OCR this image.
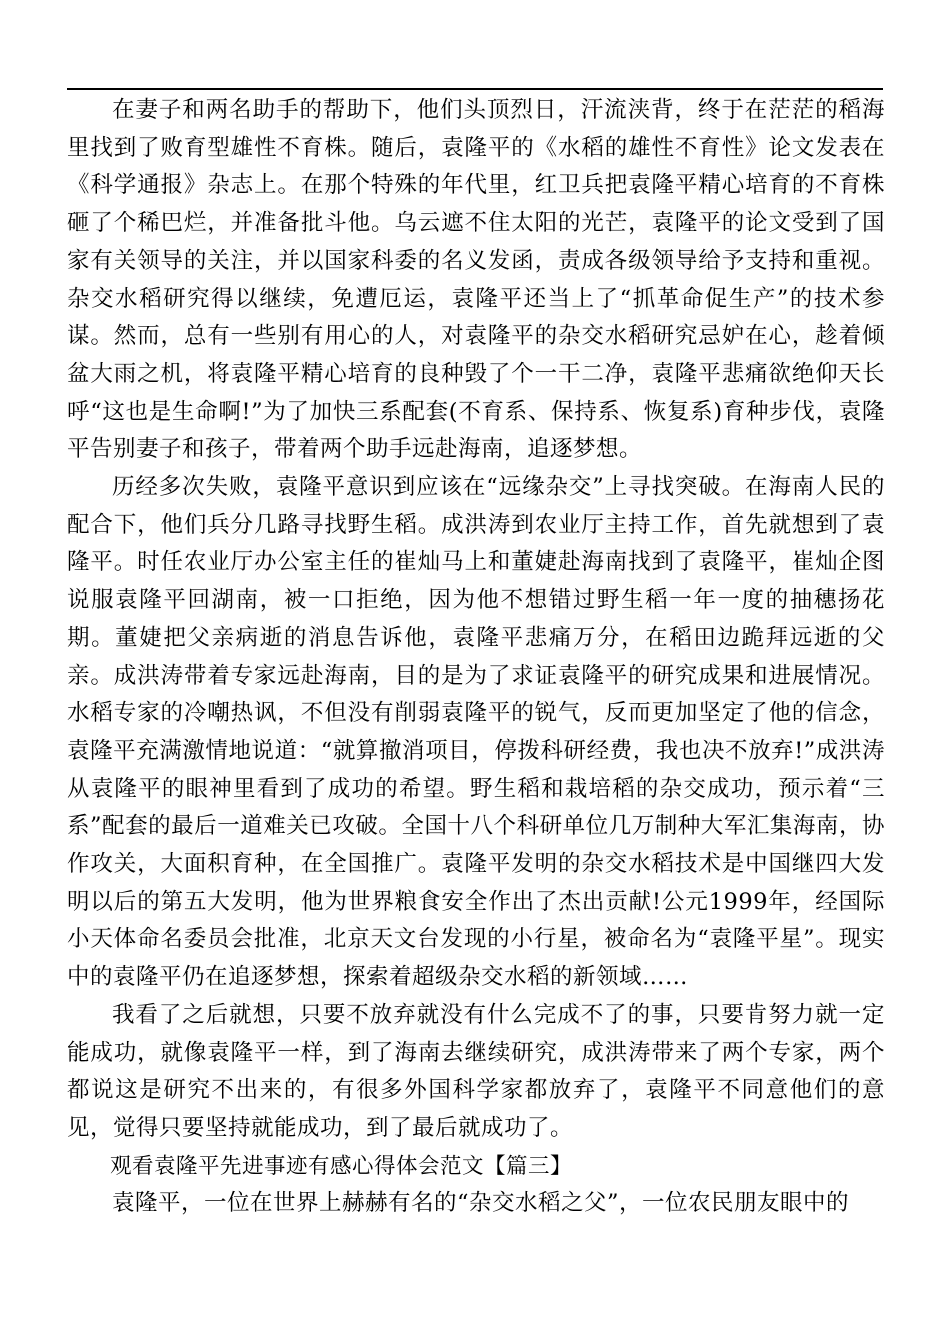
在妻子和两名助手的帮助下，他们头顶烈日，汗流浃背，终于在茫茫的稻海里找到了败育型雄性不育株。随后，袁隆平的《水稻的雄性不育性》论文发表在《科学通报》杂志上。在那个特殊的年代里，红卫兵把袁隆平精心培育的不育株砸了个稀巴烂，并准备批斗他。乌云遮不住太阳的光芒，袁隆平的论文受到了国家有关领导的关注，并以国家科委的名义发函，责成各级领导给予支持和重视。杂交水稻研究得以继续，免遭厄运，袁隆平还当上了“抓革命促生产”的技术参谋。然而，总有一些别有用心的人，对袁隆平的杂交水稻研究忌妒在心，趁着倾盆大雨之机，将袁隆平精心培育的良种毁了个一干二净，袁隆平悲痛欲绝仰天长呼“这也是生命啊!”为了加快三系配套(不育系、保持系、恢复系)育种步伐，袁隆平告别妻子和孩子，带着两个助手远赴海南，追逐梦想。

历经多次失败，袁隆平意识到应该在“远缘杂交”上寻找突破。在海南人民的配合下，他们兵分几路寻找野生稻。成洪涛到农业厅主持工作，首先就想到了袁隆平。时任农业厅办公室主任的崔灿马上和董婕赴海南找到了袁隆平，崔灿企图说服袁隆平回湖南，被一口拒绝，因为他不想错过野生稻一年一度的抽穗扬花期。董婕把父亲病逝的消息告诉他，袁隆平悲痛万分，在稻田边跪拜远逝的父亲。成洪涛带着专家远赴海南，目的是为了求证袁隆平的研究成果和进展情况。水稻专家的冷嘲热讽，不但没有削弱袁隆平的锐气，反而更加坚定了他的信念，袁隆平充满激情地说道：“就算撤消项目，停拨科研经费，我也决不放弃!”成洪涛从袁隆平的眼神里看到了成功的希望。野生稻和栽培稻的杂交成功，预示着“三系”配套的最后一道难关已攻破。全国十八个科研单位几万制种大军汇集海南，协作攻关，大面积育种，在全国推广。袁隆平发明的杂交水稻技术是中国继四大发明以后的第五大发明，他为世界粮食安全作出了杰出贡献!公元1999年，经国际小天体命名委员会批准，北京天文台发现的小行星，被命名为“袁隆平星”。现实中的袁隆平仍在追逐梦想，探索着超级杂交水稻的新领域……

我看了之后就想，只要不放弃就没有什么完成不了的事，只要肯努力就一定能成功，就像袁隆平一样，到了海南去继续研究，成洪涛带来了两个专家，两个都说这是研究不出来的，有很多外国科学家都放弃了，袁隆平不同意他们的意见，觉得只要坚持就能成功，到了最后就成功了。

观看袁隆平先进事迹有感心得体会范文【篇三】

袁隆平，一位在世界上赫赫有名的“杂交水稻之父”，一位农民朋友眼中的
